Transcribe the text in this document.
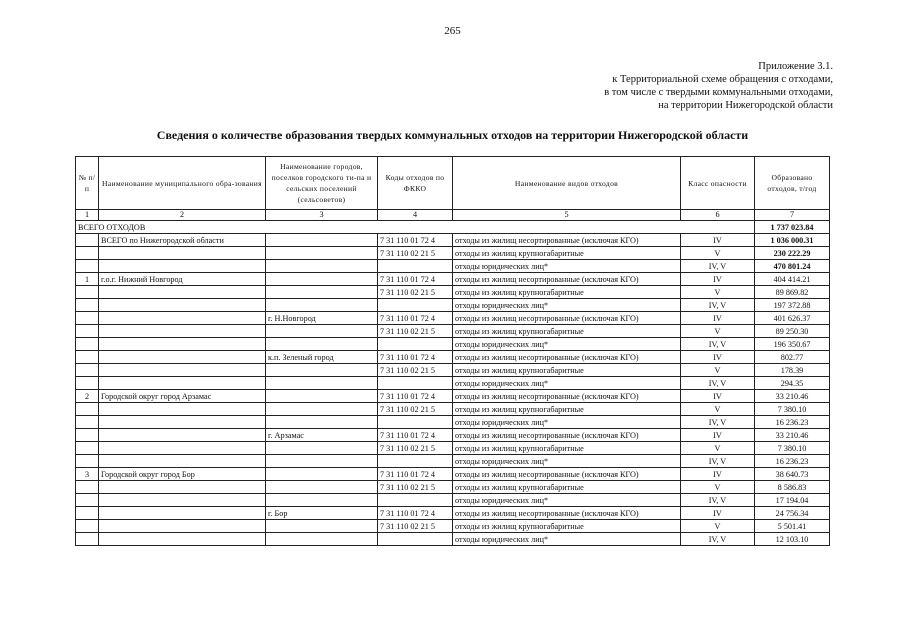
265
Приложение 3.1.
к Территориальной схеме обращения с отходами,
в том числе с твердыми коммунальными отходами,
на территории Нижегородской области
Сведения о количестве образования твердых коммунальных отходов на территории Нижегородской области
№ п/п	Наименование муниципального обра-зования	Наименование городов, поселков городского ти-па и сельских поселений (сельсоветов)	Коды отходов по ФККО	Наименование видов отходов	Класс опасности	Образовано отходов, т/год
1	2	3	4	5	6	7
ВСЕГО ОТХОДОВ						1 737 023.84
	ВСЕГО по Нижегородской области		7 31 110 01 72 4	отходы из жилищ несортированные (исключая КГО)	IV	1 036 000.31
			7 31 110 02 21 5	отходы из жилищ крупногабаритные	V	230 222.29
				отходы юридических лиц*	IV, V	470 801.24
1	г.о.г. Нижний Новгород		7 31 110 01 72 4	отходы из жилищ несортированные (исключая КГО)	IV	404 414.21
			7 31 110 02 21 5	отходы из жилищ крупногабаритные	V	89 869.82
				отходы юридических лиц*	IV, V	197 372.88
		г. Н.Новгород	7 31 110 01 72 4	отходы из жилищ несортированные (исключая КГО)	IV	401 626.37
			7 31 110 02 21 5	отходы из жилищ крупногабаритные	V	89 250.30
				отходы юридических лиц*	IV, V	196 350.67
		к.п. Зеленый город	7 31 110 01 72 4	отходы из жилищ несортированные (исключая КГО)	IV	802.77
			7 31 110 02 21 5	отходы из жилищ крупногабаритные	V	178.39
				отходы юридических лиц*	IV, V	294.35
2	Городской округ город Арзамас		7 31 110 01 72 4	отходы из жилищ несортированные (исключая КГО)	IV	33 210.46
			7 31 110 02 21 5	отходы из жилищ крупногабаритные	V	7 380.10
				отходы юридических лиц*	IV, V	16 236.23
		г. Арзамас	7 31 110 01 72 4	отходы из жилищ несортированные (исключая КГО)	IV	33 210.46
			7 31 110 02 21 5	отходы из жилищ крупногабаритные	V	7 380.10
				отходы юридических лиц*	IV, V	16 236.23
3	Городской округ город Бор		7 31 110 01 72 4	отходы из жилищ несортированные (исключая КГО)	IV	38 640.73
			7 31 110 02 21 5	отходы из жилищ крупногабаритные	V	8 586.83
				отходы юридических лиц*	IV, V	17 194.04
		г. Бор	7 31 110 01 72 4	отходы из жилищ несортированные (исключая КГО)	IV	24 756.34
			7 31 110 02 21 5	отходы из жилищ крупногабаритные	V	5 501.41
				отходы юридических лиц*	IV, V	12 103.10
